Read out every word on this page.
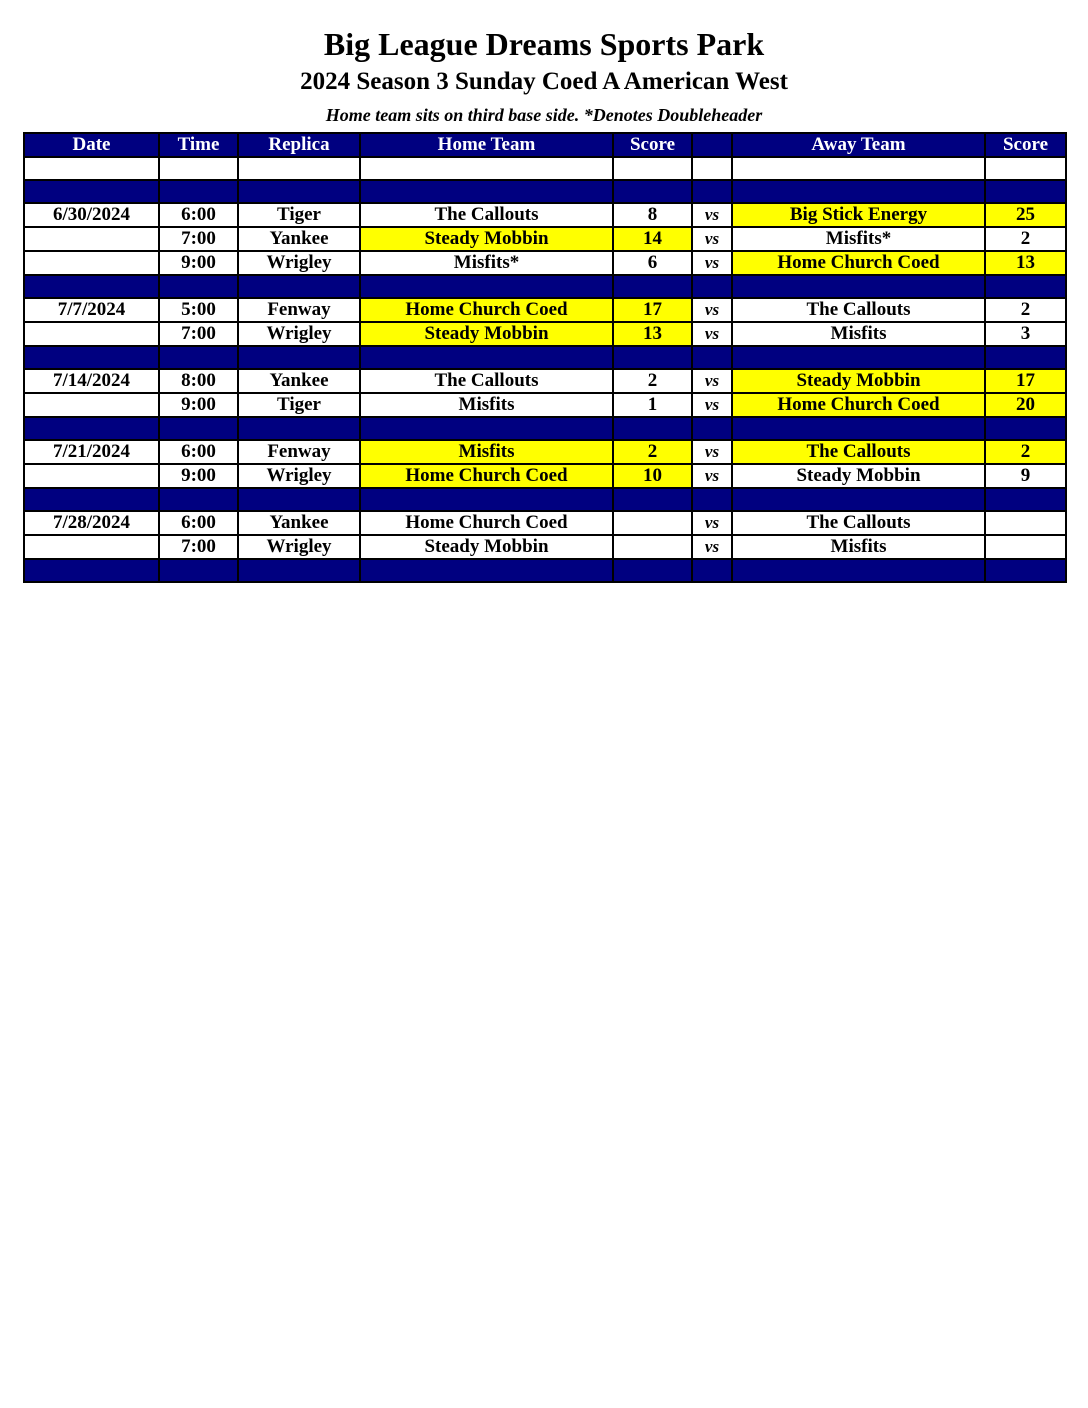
Big League Dreams Sports Park
2024 Season 3 Sunday Coed A American West
Home team sits on third base side. *Denotes Doubleheader
Date	Time	Replica	Home Team	Score		Away Team	Score

6/30/2024	6:00	Tiger	The Callouts	8	vs	Big Stick Energy	25
	7:00	Yankee	Steady Mobbin	14	vs	Misfits*	2
	9:00	Wrigley	Misfits*	6	vs	Home Church Coed	13

7/7/2024	5:00	Fenway	Home Church Coed	17	vs	The Callouts	2
	7:00	Wrigley	Steady Mobbin	13	vs	Misfits	3

7/14/2024	8:00	Yankee	The Callouts	2	vs	Steady Mobbin	17
	9:00	Tiger	Misfits	1	vs	Home Church Coed	20

7/21/2024	6:00	Fenway	Misfits	2	vs	The Callouts	2
	9:00	Wrigley	Home Church Coed	10	vs	Steady Mobbin	9

7/28/2024	6:00	Yankee	Home Church Coed		vs	The Callouts	
	7:00	Wrigley	Steady Mobbin		vs	Misfits	
